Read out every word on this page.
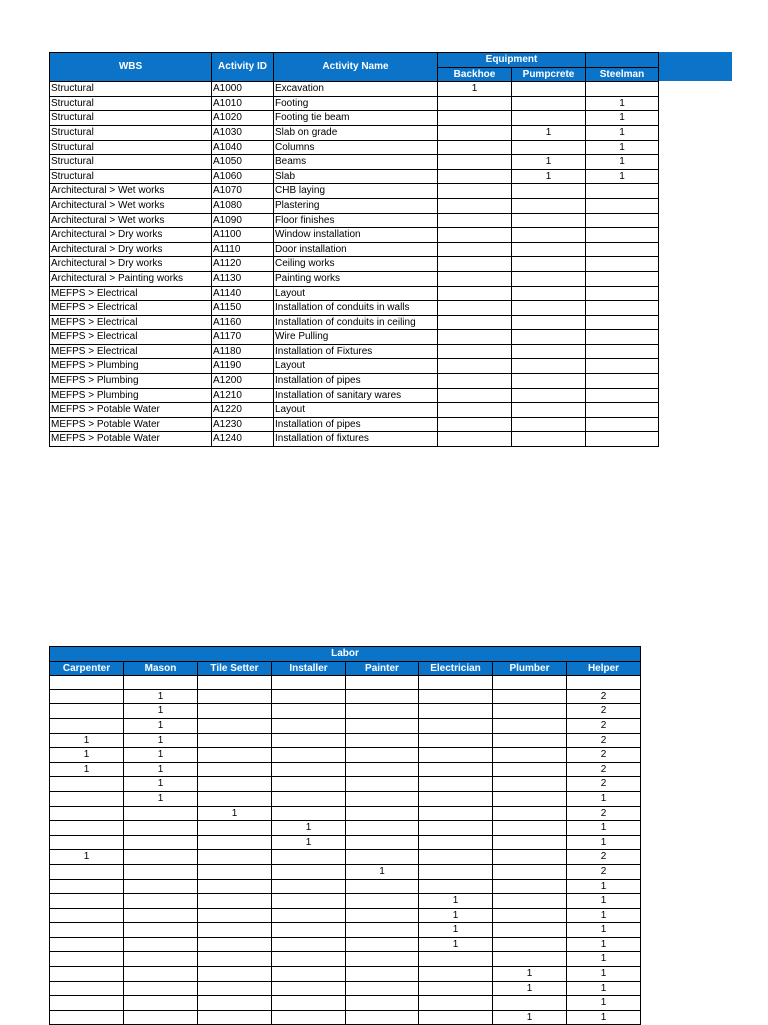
WBS	Activity ID	Activity Name	Equipment		
			Backhoe	Pumpcrete	Steelman
Structural	A1000	Excavation	1		
Structural	A1010	Footing			1
Structural	A1020	Footing tie beam			1
Structural	A1030	Slab on grade		1	1
Structural	A1040	Columns			1
Structural	A1050	Beams		1	1
Structural	A1060	Slab		1	1
Architectural > Wet works	A1070	CHB laying			
Architectural > Wet works	A1080	Plastering			
Architectural > Wet works	A1090	Floor finishes			
Architectural > Dry works	A1100	Window installation			
Architectural > Dry works	A1110	Door installation			
Architectural > Dry works	A1120	Ceiling works			
Architectural > Painting works	A1130	Painting works			
MEFPS > Electrical	A1140	Layout			
MEFPS > Electrical	A1150	Installation of conduits in walls			
MEFPS > Electrical	A1160	Installation of conduits in ceiling			
MEFPS > Electrical	A1170	Wire Pulling			
MEFPS > Electrical	A1180	Installation of Fixtures			
MEFPS > Plumbing	A1190	Layout			
MEFPS > Plumbing	A1200	Installation of pipes			
MEFPS > Plumbing	A1210	Installation of sanitary wares			
MEFPS > Potable Water	A1220	Layout			
MEFPS > Potable Water	A1230	Installation of pipes			
MEFPS > Potable Water	A1240	Installation of fixtures			
Labor							
Carpenter	Mason	Tile Setter	Installer	Painter	Electrician	Plumber	Helper

	1						2
	1						2
	1						2
1	1						2
1	1						2
1	1						2
	1						2
	1						1
		1					2
			1				1
			1				1
1							2
				1			2
							1
					1		1
					1		1
					1		1
					1		1
							1
						1	1
						1	1
							1
						1	1
